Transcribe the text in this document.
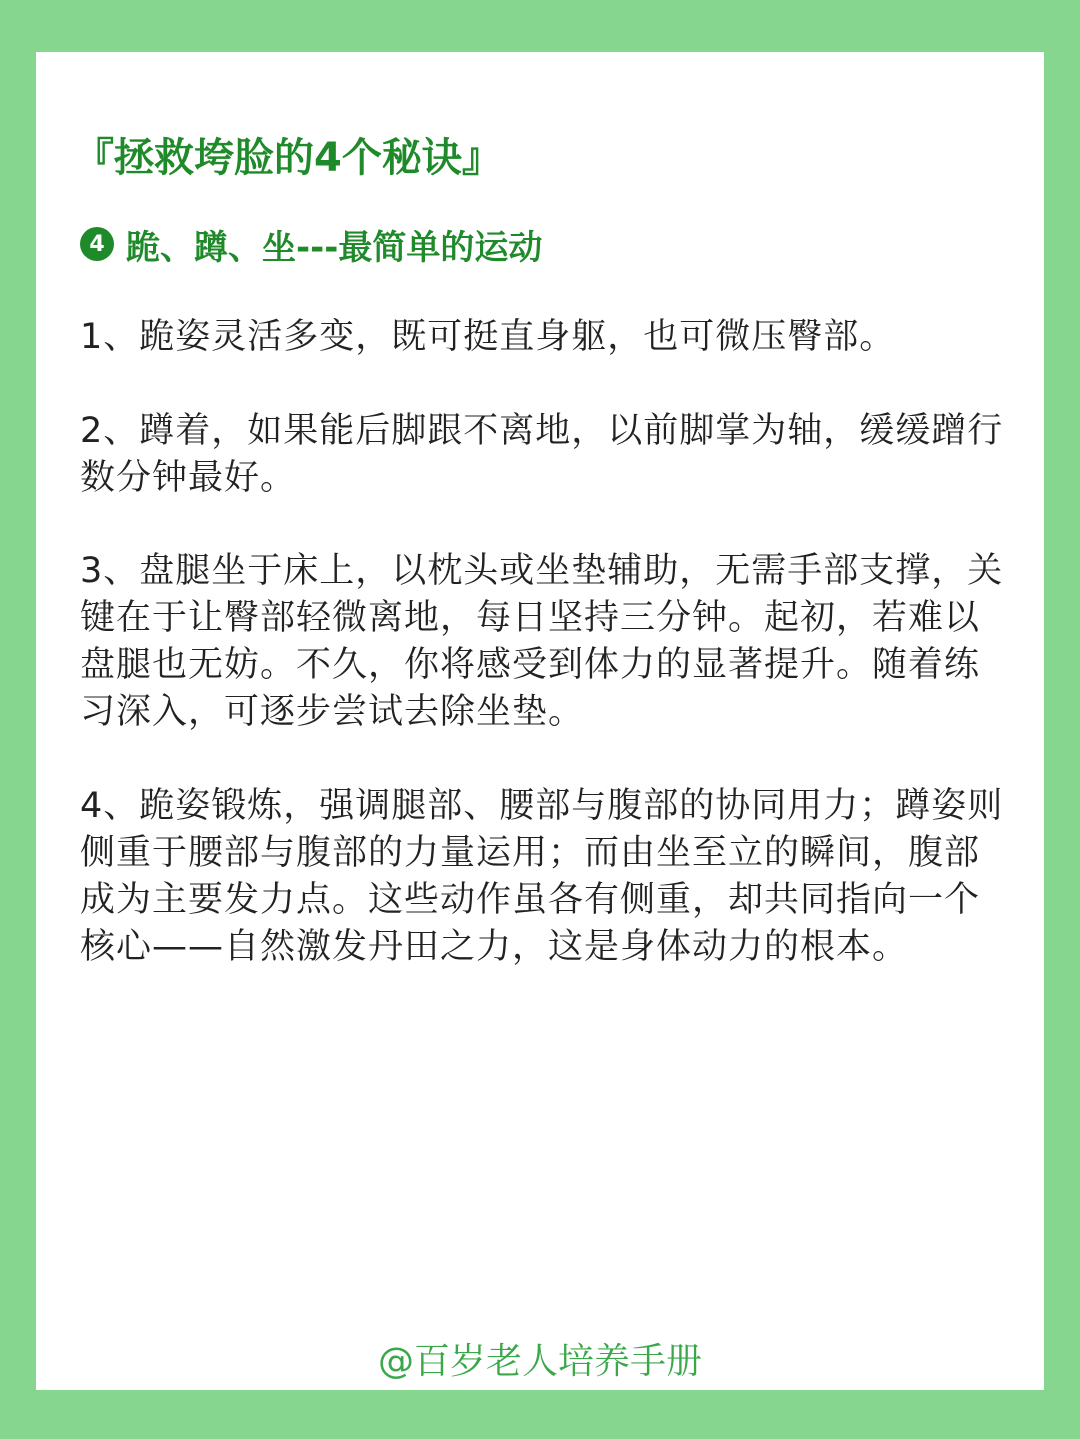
『拯救垮脸的4个秘诀』
4 跪、蹲、坐---最简单的运动

1、跪姿灵活多变，既可挺直身躯，也可微压臀部。

2、蹲着，如果能后脚跟不离地，以前脚掌为轴，缓缓蹭行数分钟最好。

3、盘腿坐于床上，以枕头或坐垫辅助，无需手部支撑，关键在于让臀部轻微离地，每日坚持三分钟。起初，若难以盘腿也无妨。不久，你将感受到体力的显著提升。随着练习深入，可逐步尝试去除坐垫。

4、跪姿锻炼，强调腿部、腰部与腹部的协同用力；蹲姿则侧重于腰部与腹部的力量运用；而由坐至立的瞬间，腹部成为主要发力点。这些动作虽各有侧重，却共同指向一个核心——自然激发丹田之力，这是身体动力的根本。

@百岁老人培养手册
